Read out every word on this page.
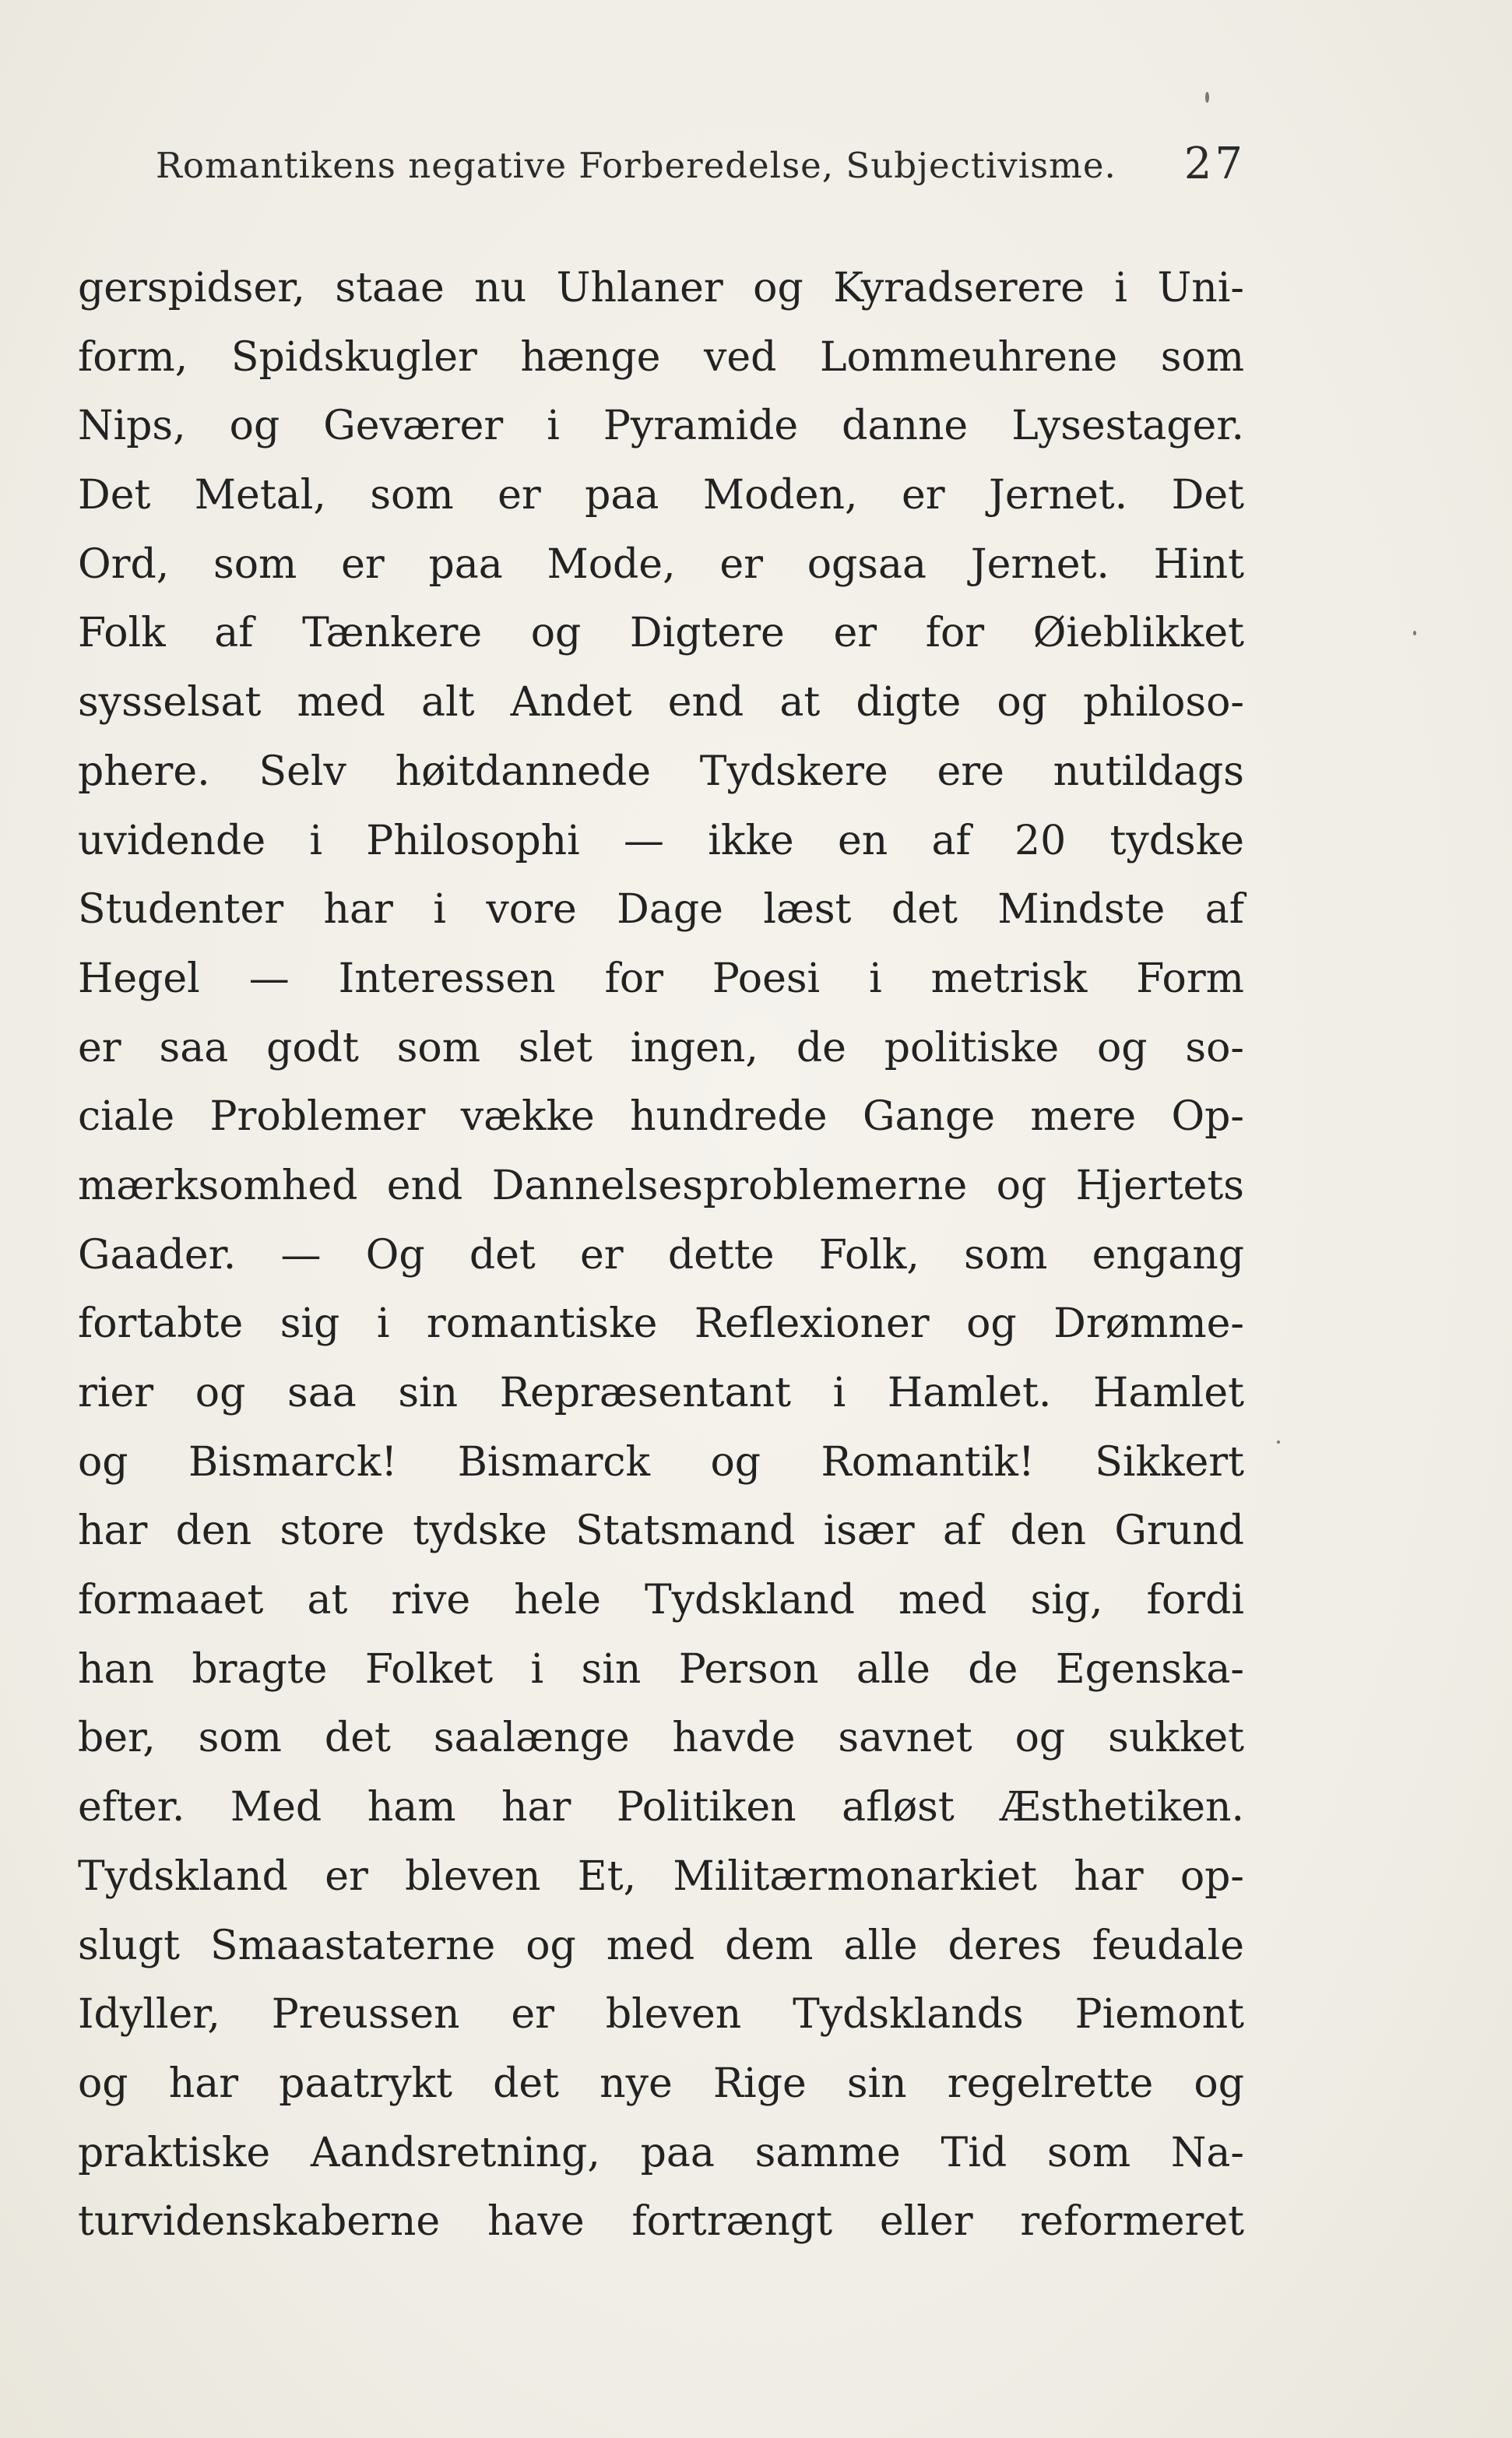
Romantikens negative Forberedelse, Subjectivisme. 27
gerspidser, staae nu Uhlaner og Kyradserere i Uni-
form, Spidskugler hænge ved Lommeuhrene som
Nips, og Geværer i Pyramide danne Lysestager.
Det Metal, som er paa Moden, er Jernet. Det
Ord, som er paa Mode, er ogsaa Jernet. Hint
Folk af Tænkere og Digtere er for Øieblikket
sysselsat med alt Andet end at digte og philoso-
phere. Selv høitdannede Tydskere ere nutildags
uvidende i Philosophi — ikke en af 20 tydske
Studenter har i vore Dage læst det Mindste af
Hegel — Interessen for Poesi i metrisk Form
er saa godt som slet ingen, de politiske og so-
ciale Problemer vække hundrede Gange mere Op-
mærksomhed end Dannelsesproblemerne og Hjertets
Gaader. — Og det er dette Folk, som engang
fortabte sig i romantiske Reflexioner og Drømme-
rier og saa sin Repræsentant i Hamlet. Hamlet
og Bismarck! Bismarck og Romantik! Sikkert
har den store tydske Statsmand især af den Grund
formaaet at rive hele Tydskland med sig, fordi
han bragte Folket i sin Person alle de Egenska-
ber, som det saalænge havde savnet og sukket
efter. Med ham har Politiken afløst Æsthetiken.
Tydskland er bleven Et, Militærmonarkiet har op-
slugt Smaastaterne og med dem alle deres feudale
Idyller, Preussen er bleven Tydsklands Piemont
og har paatrykt det nye Rige sin regelrette og
praktiske Aandsretning, paa samme Tid som Na-
turvidenskaberne have fortrængt eller reformeret
